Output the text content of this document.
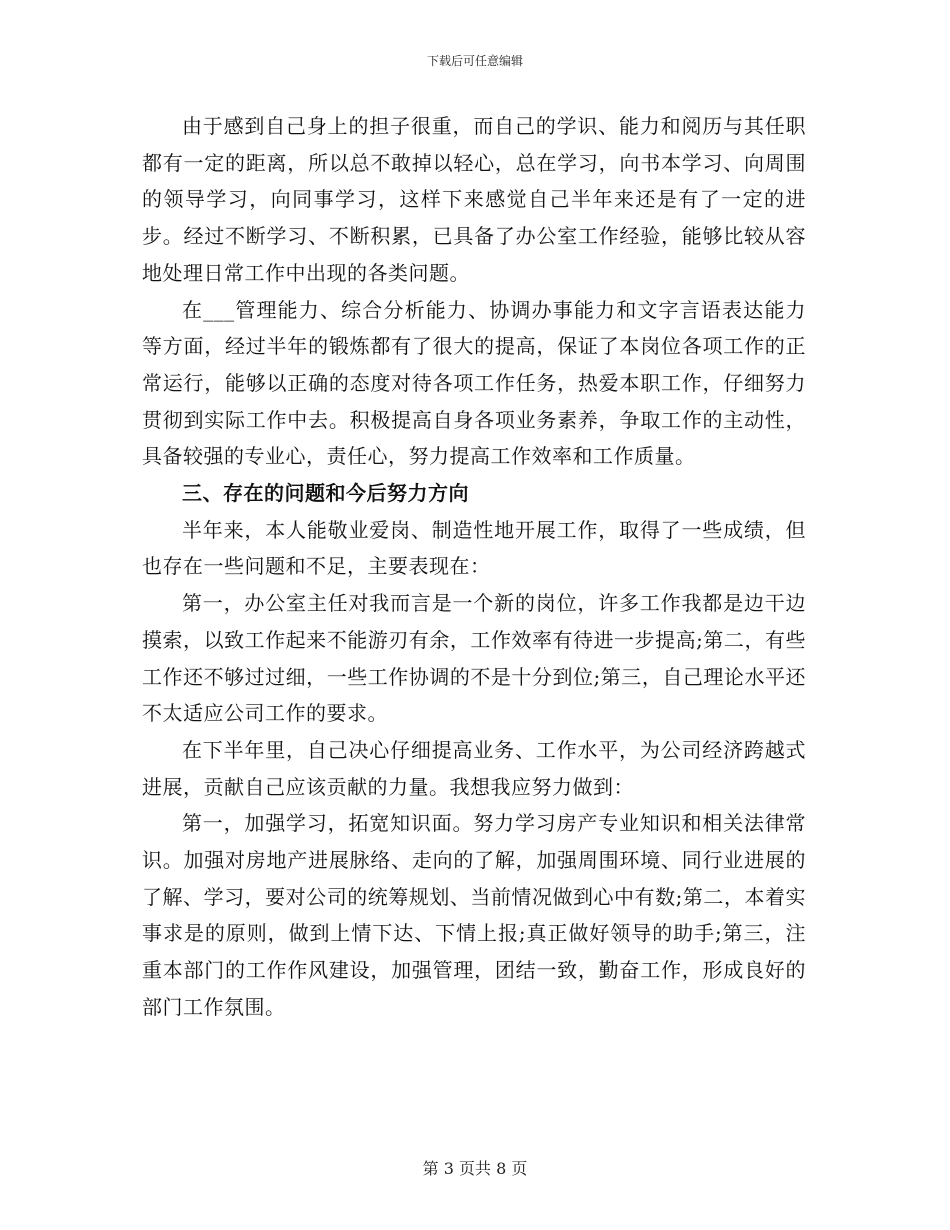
下载后可任意编辑

由于感到自己身上的担子很重，而自己的学识、能力和阅历与其任职都有一定的距离，所以总不敢掉以轻心，总在学习，向书本学习、向周围的领导学习，向同事学习，这样下来感觉自己半年来还是有了一定的进步。经过不断学习、不断积累，已具备了办公室工作经验，能够比较从容地处理日常工作中出现的各类问题。

在___管理能力、综合分析能力、协调办事能力和文字言语表达能力等方面，经过半年的锻炼都有了很大的提高，保证了本岗位各项工作的正常运行，能够以正确的态度对待各项工作任务，热爱本职工作，仔细努力贯彻到实际工作中去。积极提高自身各项业务素养，争取工作的主动性，具备较强的专业心，责任心，努力提高工作效率和工作质量。

三、存在的问题和今后努力方向

半年来，本人能敬业爱岗、制造性地开展工作，取得了一些成绩，但也存在一些问题和不足，主要表现在：

第一，办公室主任对我而言是一个新的岗位，许多工作我都是边干边摸索，以致工作起来不能游刃有余，工作效率有待进一步提高;第二，有些工作还不够过过细，一些工作协调的不是十分到位;第三，自己理论水平还不太适应公司工作的要求。

在下半年里，自己决心仔细提高业务、工作水平，为公司经济跨越式进展，贡献自己应该贡献的力量。我想我应努力做到：

第一，加强学习，拓宽知识面。努力学习房产专业知识和相关法律常识。加强对房地产进展脉络、走向的了解，加强周围环境、同行业进展的了解、学习，要对公司的统筹规划、当前情况做到心中有数;第二，本着实事求是的原则，做到上情下达、下情上报;真正做好领导的助手;第三，注重本部门的工作作风建设，加强管理，团结一致，勤奋工作，形成良好的部门工作氛围。

第 3 页共 8 页
